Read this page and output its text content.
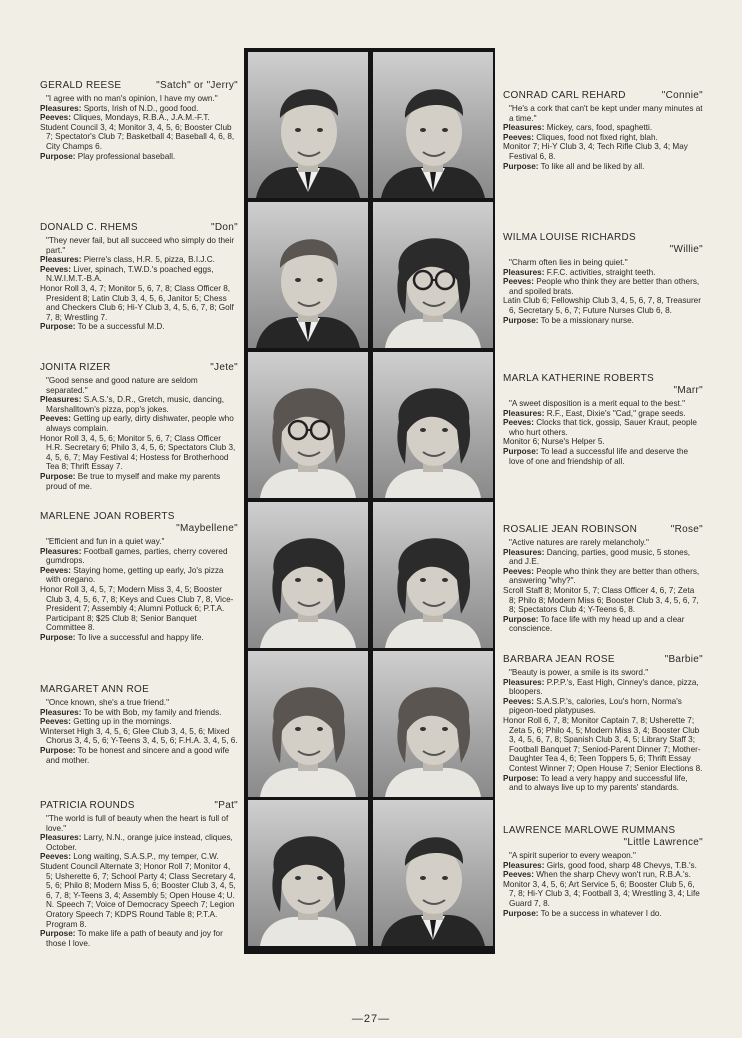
GERALD REESE	"Satch" or "Jerry"
"I agree with no man's opinion, I have my own."
Pleasures: Sports, Irish of N.D., good food.
Peeves: Cliques, Mondays, R.B.A., J.A.M.-F.T.
Student Council 3, 4; Monitor 3, 4, 5, 6; Booster Club 7; Spectator's Club 7; Basketball 4; Baseball 4, 6, 8, City Champs 6.
Purpose: Play professional baseball.
CONRAD CARL REHARD	"Connie"
"He's a cork that can't be kept under many minutes at a time."
Pleasures: Mickey, cars, food, spaghetti.
Peeves: Cliques, food not fixed right, blah.
Monitor 7; Hi-Y Club 3, 4; Tech Rifle Club 3, 4; May Festival 6, 8.
Purpose: To like all and be liked by all.
DONALD C. RHEMS	"Don"
"They never fail, but all succeed who simply do their part."
Pleasures: Pierre's class, H.R. 5, pizza, B.I.J.C.
Peeves: Liver, spinach, T.W.D.'s poached eggs, N.W.I.M.T.-B.A.
Honor Roll 3, 4, 7; Monitor 5, 6, 7, 8; Class Officer 8, President 8; Latin Club 3, 4, 5, 6, Janitor 5; Chess and Checkers Club 6; Hi-Y Club 3, 4, 5, 6, 7, 8; Golf 7, 8; Wrestling 7.
Purpose: To be a successful M.D.
WILMA LOUISE RICHARDS
"Willie"
"Charm often lies in being quiet."
Pleasures: F.F.C. activities, straight teeth.
Peeves: People who think they are better than others, and spoiled brats.
Latin Club 6; Fellowship Club 3, 4, 5, 6, 7, 8, Treasurer 6, Secretary 5, 6, 7; Future Nurses Club 6, 8.
Purpose: To be a missionary nurse.
JONITA RIZER	"Jete"
"Good sense and good nature are seldom separated."
Pleasures: S.A.S.'s, D.R., Gretch, music, dancing, Marshalltown's pizza, pop's jokes.
Peeves: Getting up early, dirty dishwater, people who always complain.
Honor Roll 3, 4, 5, 6; Monitor 5, 6, 7; Class Officer H.R. Secretary 6; Philo 3, 4, 5, 6; Spectators Club 3, 4, 5, 6, 7; May Festival 4; Hostess for Brotherhood Tea 8; Thrift Essay 7.
Purpose: Be true to myself and make my parents proud of me.
MARLA KATHERINE ROBERTS
"Marr"
"A sweet disposition is a merit equal to the best."
Pleasures: R.F., East, Dixie's "Cad," grape seeds.
Peeves: Clocks that tick, gossip, Sauer Kraut, people who hurt others.
Monitor 6; Nurse's Helper 5.
Purpose: To lead a successful life and deserve the love of one and friendship of all.
MARLENE JOAN ROBERTS
"Maybellene"
"Efficient and fun in a quiet way."
Pleasures: Football games, parties, cherry covered gumdrops.
Peeves: Staying home, getting up early, Jo's pizza with oregano.
Honor Roll 3, 4, 5, 7; Modern Miss 3, 4, 5; Booster Club 3, 4, 5, 6, 7, 8; Keys and Cues Club 7, 8, Vice-President 7; Assembly 4; Alumni Potluck 6; P.T.A. Participant 8; $25 Club 8; Senior Banquet Committee 8.
Purpose: To live a successful and happy life.
ROSALIE JEAN ROBINSON	"Rose"
"Active natures are rarely melancholy."
Pleasures: Dancing, parties, good music, 5 stones, and J.E.
Peeves: People who think they are better than others, answering "why?".
Scroll Staff 8; Monitor 5, 7; Class Officer 4, 6, 7; Zeta 8; Philo 8; Modern Miss 6; Booster Club 3, 4, 5, 6, 7, 8; Spectators Club 4; Y-Teens 6, 8.
Purpose: To face life with my head up and a clear conscience.
MARGARET ANN ROE
"Once known, she's a true friend."
Pleasures: To be with Bob, my family and friends.
Peeves: Getting up in the mornings.
Winterset High 3, 4, 5, 6; Glee Club 3, 4, 5, 6; Mixed Chorus 3, 4, 5, 6; Y-Teens 3, 4, 5, 6; F.H.A. 3, 4, 5, 6.
Purpose: To be honest and sincere and a good wife and mother.
BARBARA JEAN ROSE	"Barbie"
"Beauty is power, a smile is its sword."
Pleasures: P.P.P.'s, East High, Cinney's dance, pizza, bloopers.
Peeves: S.A.S.P.'s, calories, Lou's horn, Norma's pigeon-toed platypuses.
Honor Roll 6, 7, 8; Monitor Captain 7, 8; Usherette 7; Zeta 5, 6; Philo 4, 5; Modern Miss 3, 4; Booster Club 3, 4, 5, 6, 7, 8; Spanish Club 3, 4, 5; Library Staff 3; Football Banquet 7; Seniod-Parent Dinner 7; Mother-Daughter Tea 4, 6; Teen Toppers 5, 6; Thrift Essay Contest Winner 7; Open House 7; Senior Elections 8.
Purpose: To lead a very happy and successful life, and to always live up to my parents' standards.
PATRICIA ROUNDS	"Pat"
"The world is full of beauty when the heart is full of love."
Pleasures: Larry, N.N., orange juice instead, cliques, October.
Peeves: Long waiting, S.A.S.P., my temper, C.W.
Student Council Alternate 3; Honor Roll 7; Monitor 4, 5; Usherette 6, 7; School Party 4; Class Secretary 4, 5, 6; Philo 8; Modern Miss 5, 6; Booster Club 3, 4, 5, 6, 7, 8; Y-Teens 3, 4; Assembly 5; Open House 4; U. N. Speech 7; Voice of Democracy Speech 7; Legion Oratory Speech 7; KDPS Round Table 8; P.T.A. Program 8.
Purpose: To make life a path of beauty and joy for those I love.
LAWRENCE MARLOWE RUMMANS
"Little Lawrence"
"A spirit superior to every weapon."
Pleasures: Girls, good food, sharp 48 Chevys, T.B.'s.
Peeves: When the sharp Chevy won't run, R.B.A.'s.
Monitor 3, 4, 5, 6; Art Service 5, 6; Booster Club 5, 6, 7, 8; Hi-Y Club 3, 4; Football 3, 4; Wrestling 3, 4; Life Guard 7, 8.
Purpose: To be a success in whatever I do.
—27—
